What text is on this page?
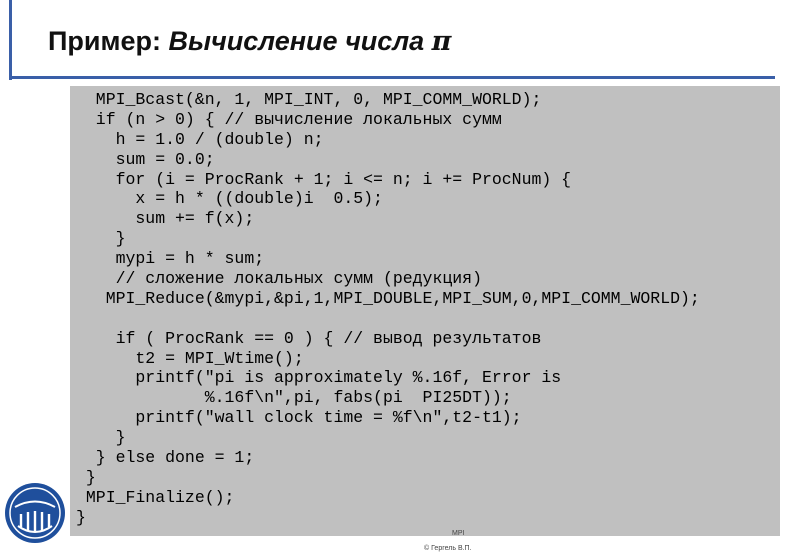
Пример: Вычисление числа π
MPI_Bcast(&n, 1, MPI_INT, 0, MPI_COMM_WORLD);
if (n > 0) { // вычисление локальных сумм
h = 1.0 / (double) n;
sum = 0.0;
for (i = ProcRank + 1; i <= n; i += ProcNum) {
x = h * ((double)i  0.5);
sum += f(x);
}
mypi = h * sum;
// сложение локальных сумм (редукция)
MPI_Reduce(&mypi,&pi,1,MPI_DOUBLE,MPI_SUM,0,MPI_COMM_WORLD);
if ( ProcRank == 0 ) { // вывод результатов
t2 = MPI_Wtime();
printf("pi is approximately %.16f, Error is
%.16f\n",pi, fabs(pi  PI25DT));
printf("wall clock time = %f\n",t2-t1);
}
} else done = 1;
}
MPI_Finalize();
}
MPI
© Гергель В.П.
